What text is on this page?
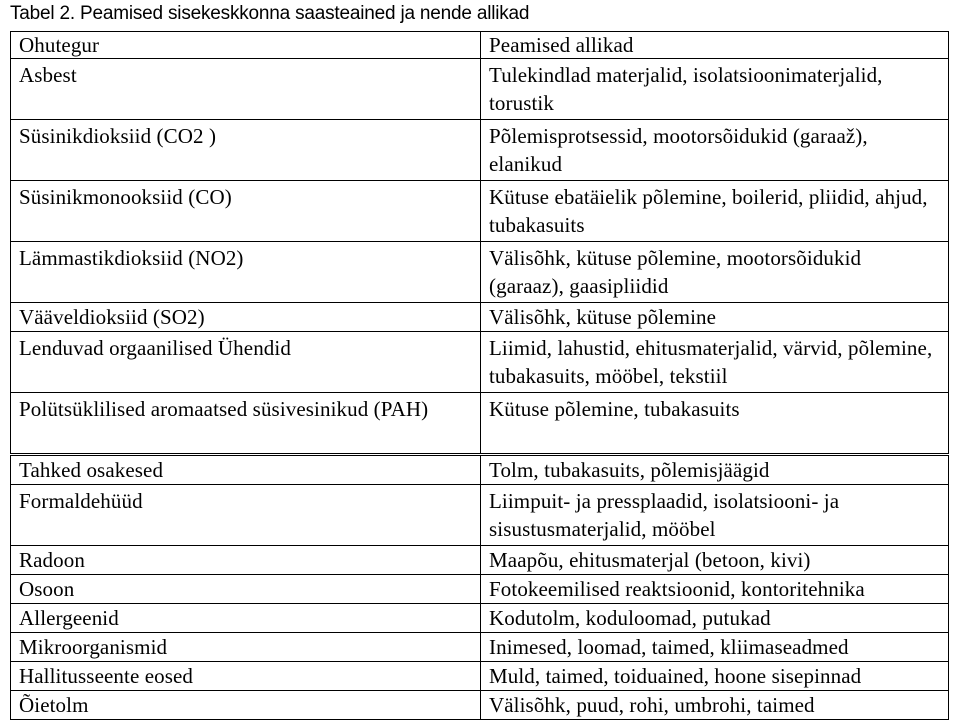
Tabel 2. Peamised sisekeskkonna saasteained ja nende allikad
Ohutegur	Peamised allikad
Asbest	Tulekindlad materjalid, isolatsioonimaterjalid, torustik
Süsinikdioksiid (CO2 )	Põlemisprotsessid, mootorsõidukid (garaaž), elanikud
Süsinikmonooksiid (CO)	Kütuse ebatäielik põlemine, boilerid, pliidid, ahjud, tubakasuits
Lämmastikdioksiid (NO2)	Välisõhk, kütuse põlemine, mootorsõidukid (garaaz), gaasipliidid
Vääveldioksiid (SO2)	Välisõhk, kütuse põlemine
Lenduvad orgaanilised Ühendid	Liimid, lahustid, ehitusmaterjalid, värvid, põlemine, tubakasuits, mööbel, tekstiil
Polütsüklilised aromaatsed süsivesinikud (PAH)	Kütuse põlemine, tubakasuits
Tahked osakesed	Tolm, tubakasuits, põlemisjäägid
Formaldehüüd	Liimpuit- ja pressplaadid, isolatsiooni- ja sisustusmaterjalid, mööbel
Radoon	Maapõu, ehitusmaterjal (betoon, kivi)
Osoon	Fotokeemilised reaktsioonid, kontoritehnika
Allergeenid	Kodutolm, koduloomad, putukad
Mikroorganismid	Inimesed, loomad, taimed, kliimaseadmed
Hallitusseente eosed	Muld, taimed, toiduained, hoone sisepinnad
Õietolm	Välisõhk, puud, rohi, umbrohi, taimed
